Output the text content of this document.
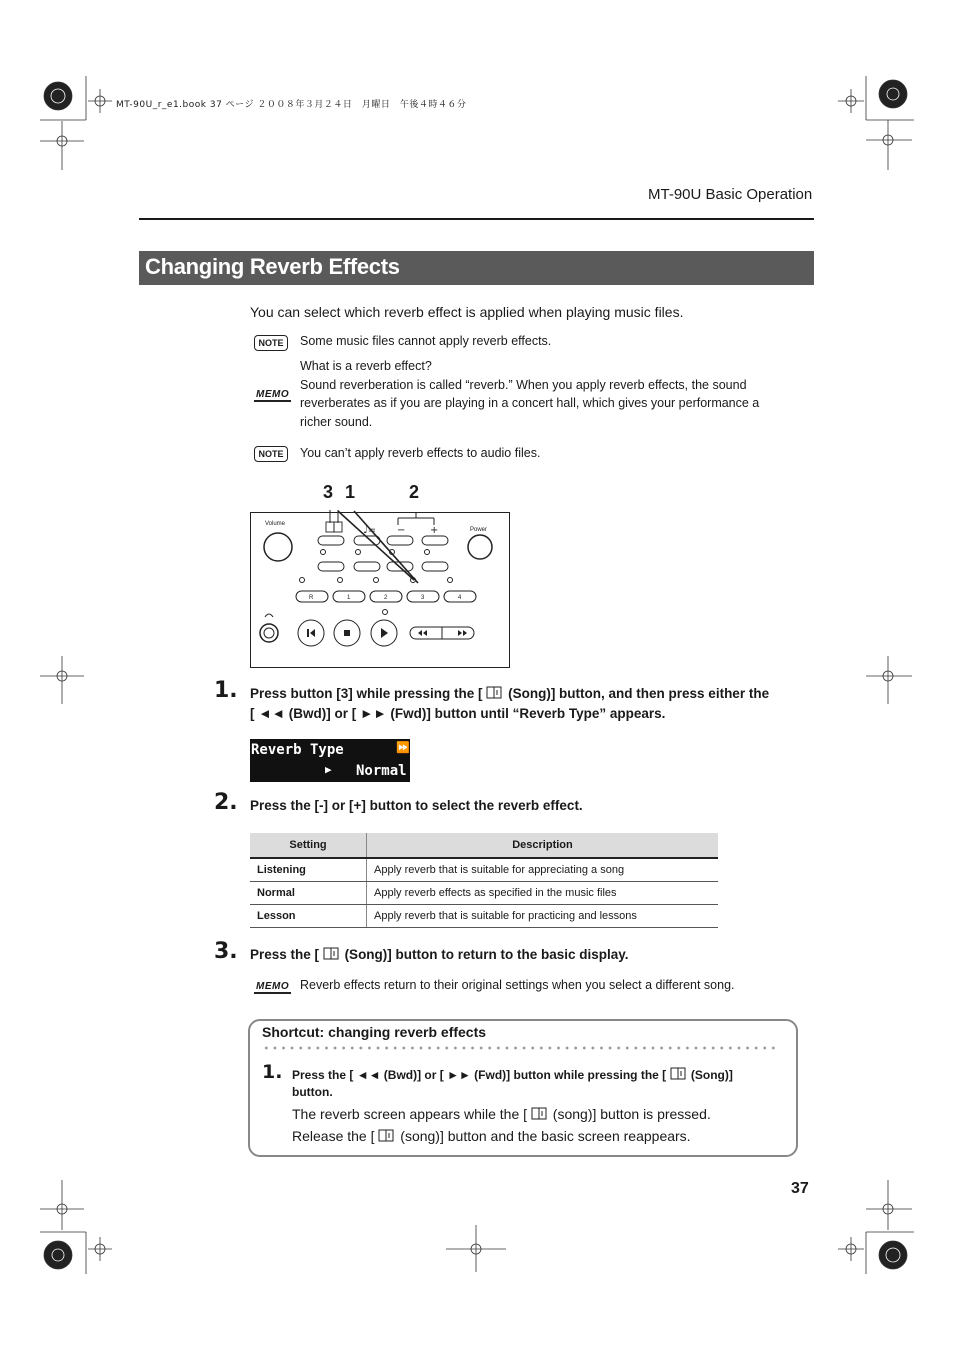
MT-90U_r_e1.book 37 ページ ２００８年３月２４日　月曜日　午後４時４６分
MT-90U Basic Operation
Changing Reverb Effects
You can select which reverb effect is applied when playing music files.
NOTE	Some music files cannot apply reverb effects.
MEMO
What is a reverb effect?
Sound reverberation is called “reverb.” When you apply reverb effects, the sound
reverberates as if you are playing in a concert hall, which gives your performance a
richer sound.
NOTE	You can’t apply reverb effects to audio files.
3 1	2
Volume
Power
R	1	2	3	4
♩= − +
1. Press button [3] while pressing the [ (Song)] button, and then press either the
[ ◄◄ (Bwd)] or [ ►► (Fwd)] button until “Reverb Type” appears.
Reverb Type	⏩
▶ Normal
2. Press the [-] or [+] button to select the reverb effect.
Setting	Description
Listening	Apply reverb that is suitable for appreciating a song
Normal	Apply reverb effects as specified in the music files
Lesson	Apply reverb that is suitable for practicing and lessons
3. Press the [ (Song)] button to return to the basic display.
MEMO Reverb effects return to their original settings when you select a different song.
Shortcut: changing reverb effects
1. Press the [ ◄◄ (Bwd)] or [ ►► (Fwd)] button while pressing the [ (Song)]
button.
The reverb screen appears while the [ (song)] button is pressed.
Release the [ (song)] button and the basic screen reappears.
37
